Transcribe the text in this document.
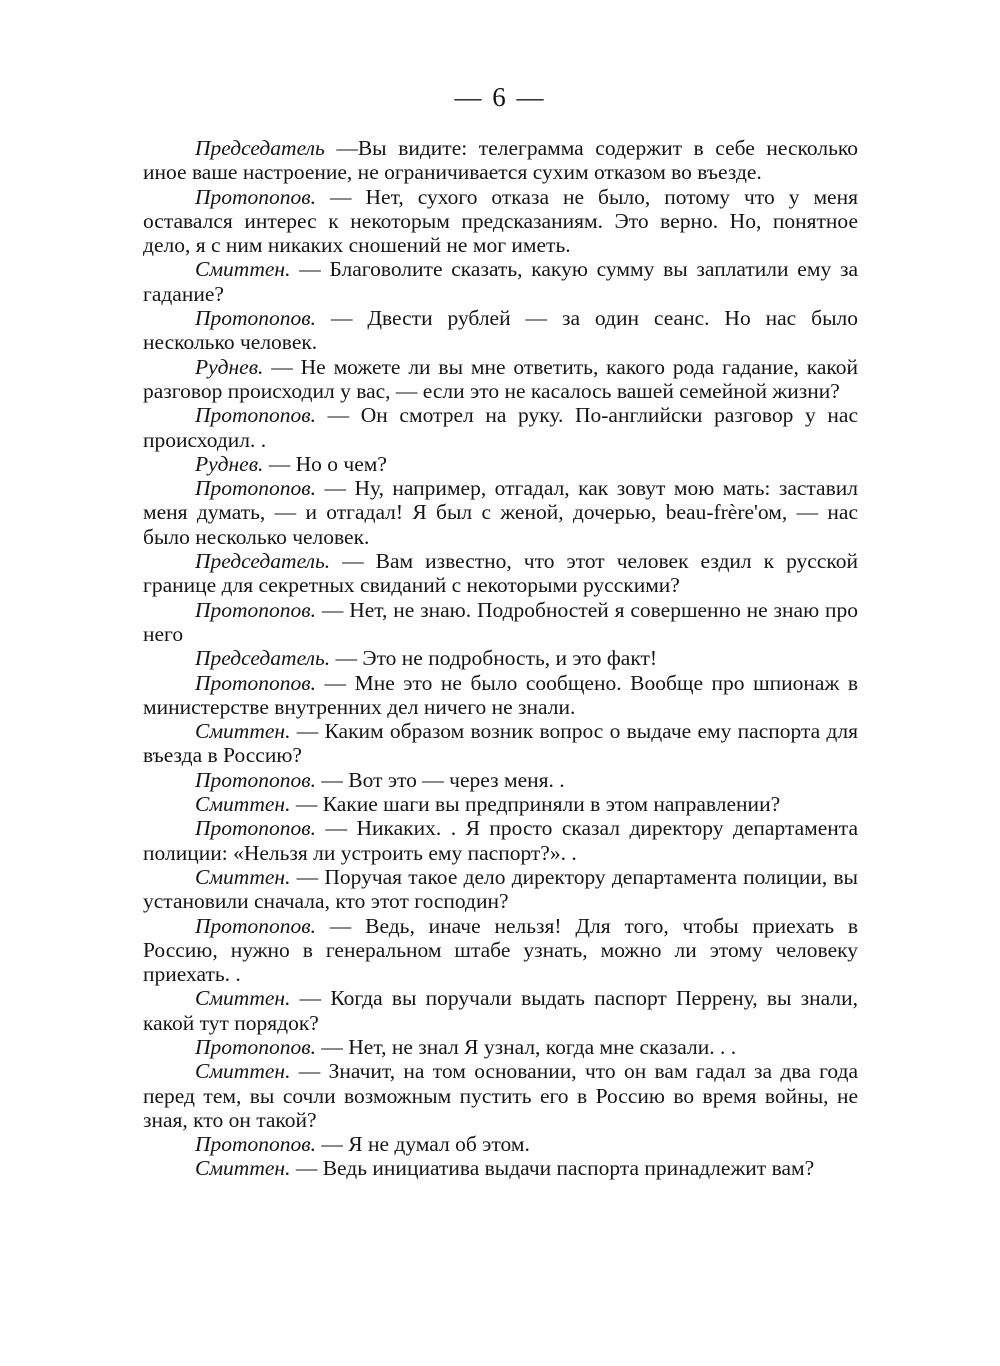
— 6 —

Председатель —Вы видите: телеграмма содержит в себе несколько иное ваше настроение, не ограничивается сухим отказом во въезде.

Протопопов. — Нет, сухого отказа не было, потому что у меня оставался интерес к некоторым предсказаниям. Это верно. Но, понятное дело, я с ним никаких сношений не мог иметь.

Смиттен. — Благоволите сказать, какую сумму вы заплатили ему за гадание?

Протопопов. — Двести рублей — за один сеанс. Но нас было несколько человек.

Руднев. — Не можете ли вы мне ответить, какого рода гадание, какой разговор происходил у вас, — если это не касалось вашей семейной жизни?

Протопопов. — Он смотрел на руку. По-английски разговор у нас происходил. .

Руднев. — Но о чем?

Протопопов. — Ну, например, отгадал, как зовут мою мать: заставил меня думать, — и отгадал! Я был с женой, дочерью, beau-frère'ом, — нас было несколько человек.

Председатель. — Вам известно, что этот человек ездил к русской границе для секретных свиданий с некоторыми русскими?

Протопопов. — Нет, не знаю. Подробностей я совершенно не знаю про него

Председатель. — Это не подробность, и это факт!

Протопопов. — Мне это не было сообщено. Вообще про шпионаж в министерстве внутренних дел ничего не знали.

Смиттен. — Каким образом возник вопрос о выдаче ему паспорта для въезда в Россию?

Протопопов. — Вот это — через меня. .

Смиттен. — Какие шаги вы предприняли в этом направлении?

Протопопов. — Никаких. . Я просто сказал директору департамента полиции: «Нельзя ли устроить ему паспорт?». .

Смиттен. — Поручая такое дело директору департамента полиции, вы установили сначала, кто этот господин?

Протопопов. — Ведь, иначе нельзя! Для того, чтобы приехать в Россию, нужно в генеральном штабе узнать, можно ли этому человеку приехать. .

Смиттен. — Когда вы поручали выдать паспорт Перрену, вы знали, какой тут порядок?

Протопопов. — Нет, не знал Я узнал, когда мне сказали. . .

Смиттен. — Значит, на том основании, что он вам гадал за два года перед тем, вы сочли возможным пустить его в Россию во время войны, не зная, кто он такой?

Протопопов. — Я не думал об этом.

Смиттен. — Ведь инициатива выдачи паспорта принадлежит вам?
